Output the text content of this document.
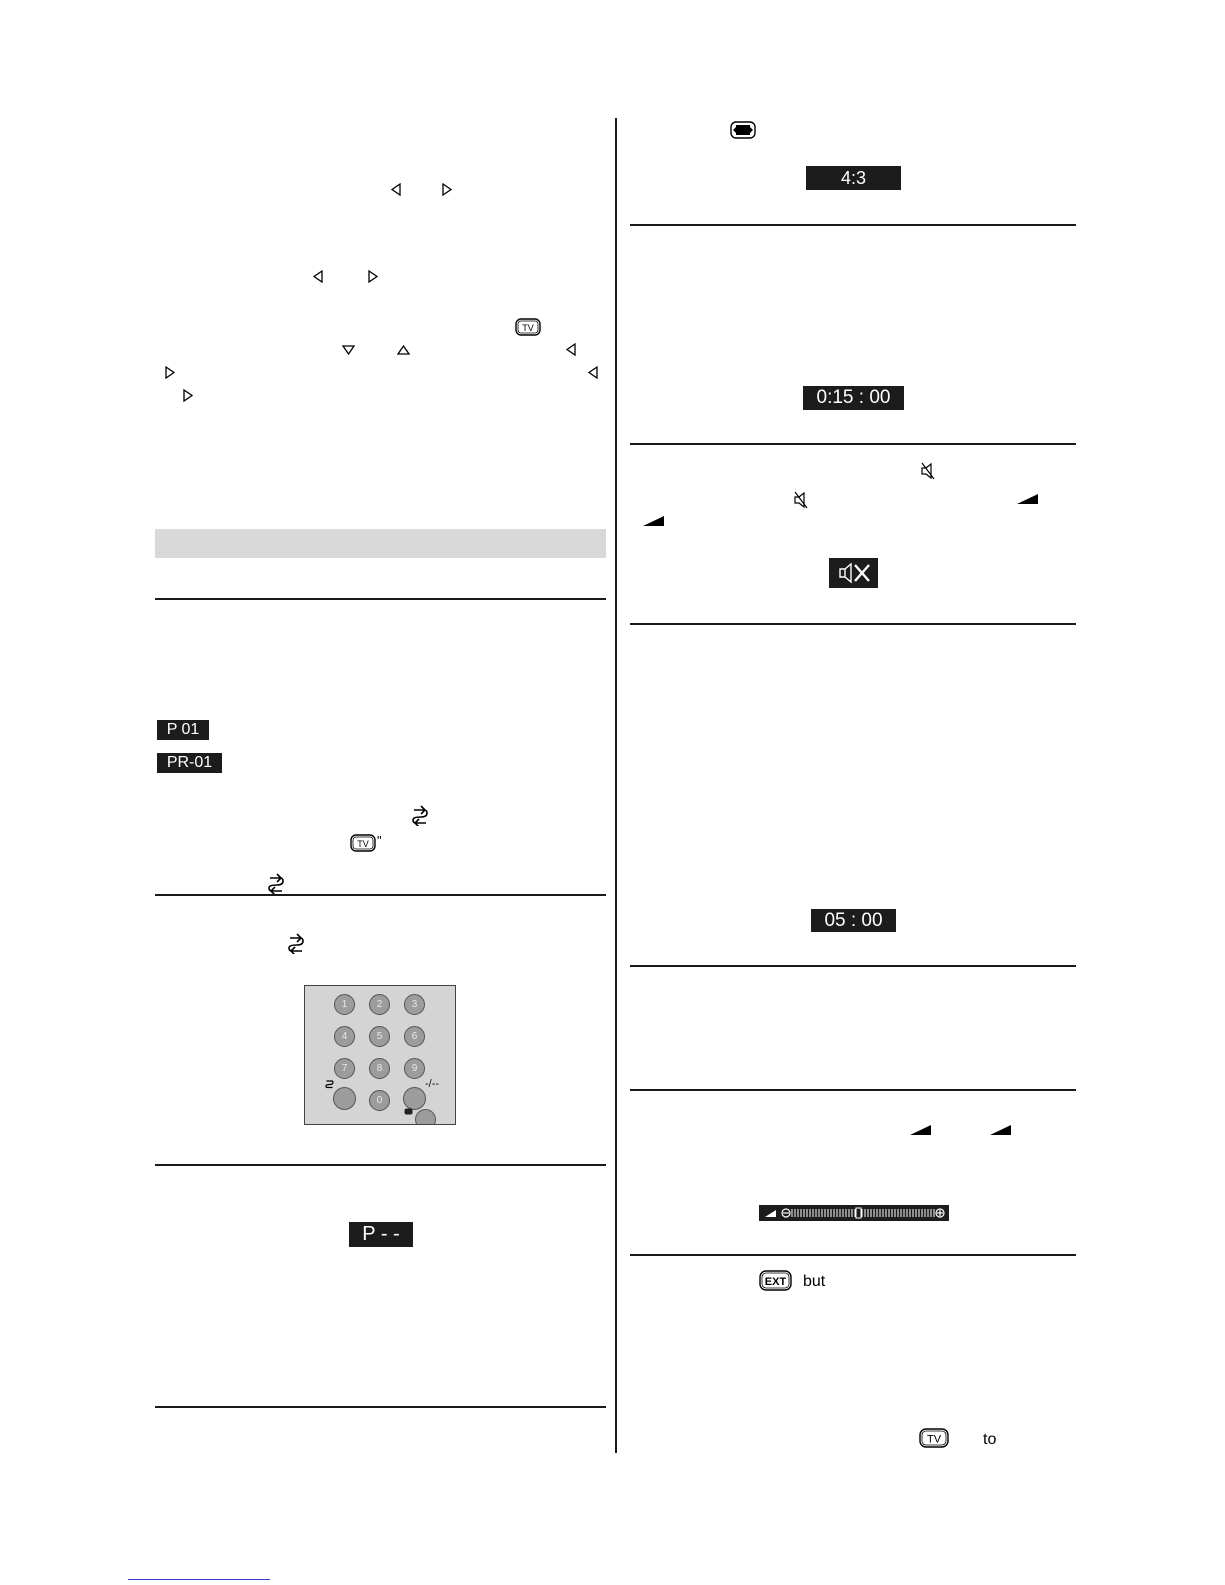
TV
P 01
PR-01
TV "
1	2	3
4	5	6
7	8	9
0
-/--
P - -
4:3
0:15 : 00
05 : 00
EXT but
TV	to
